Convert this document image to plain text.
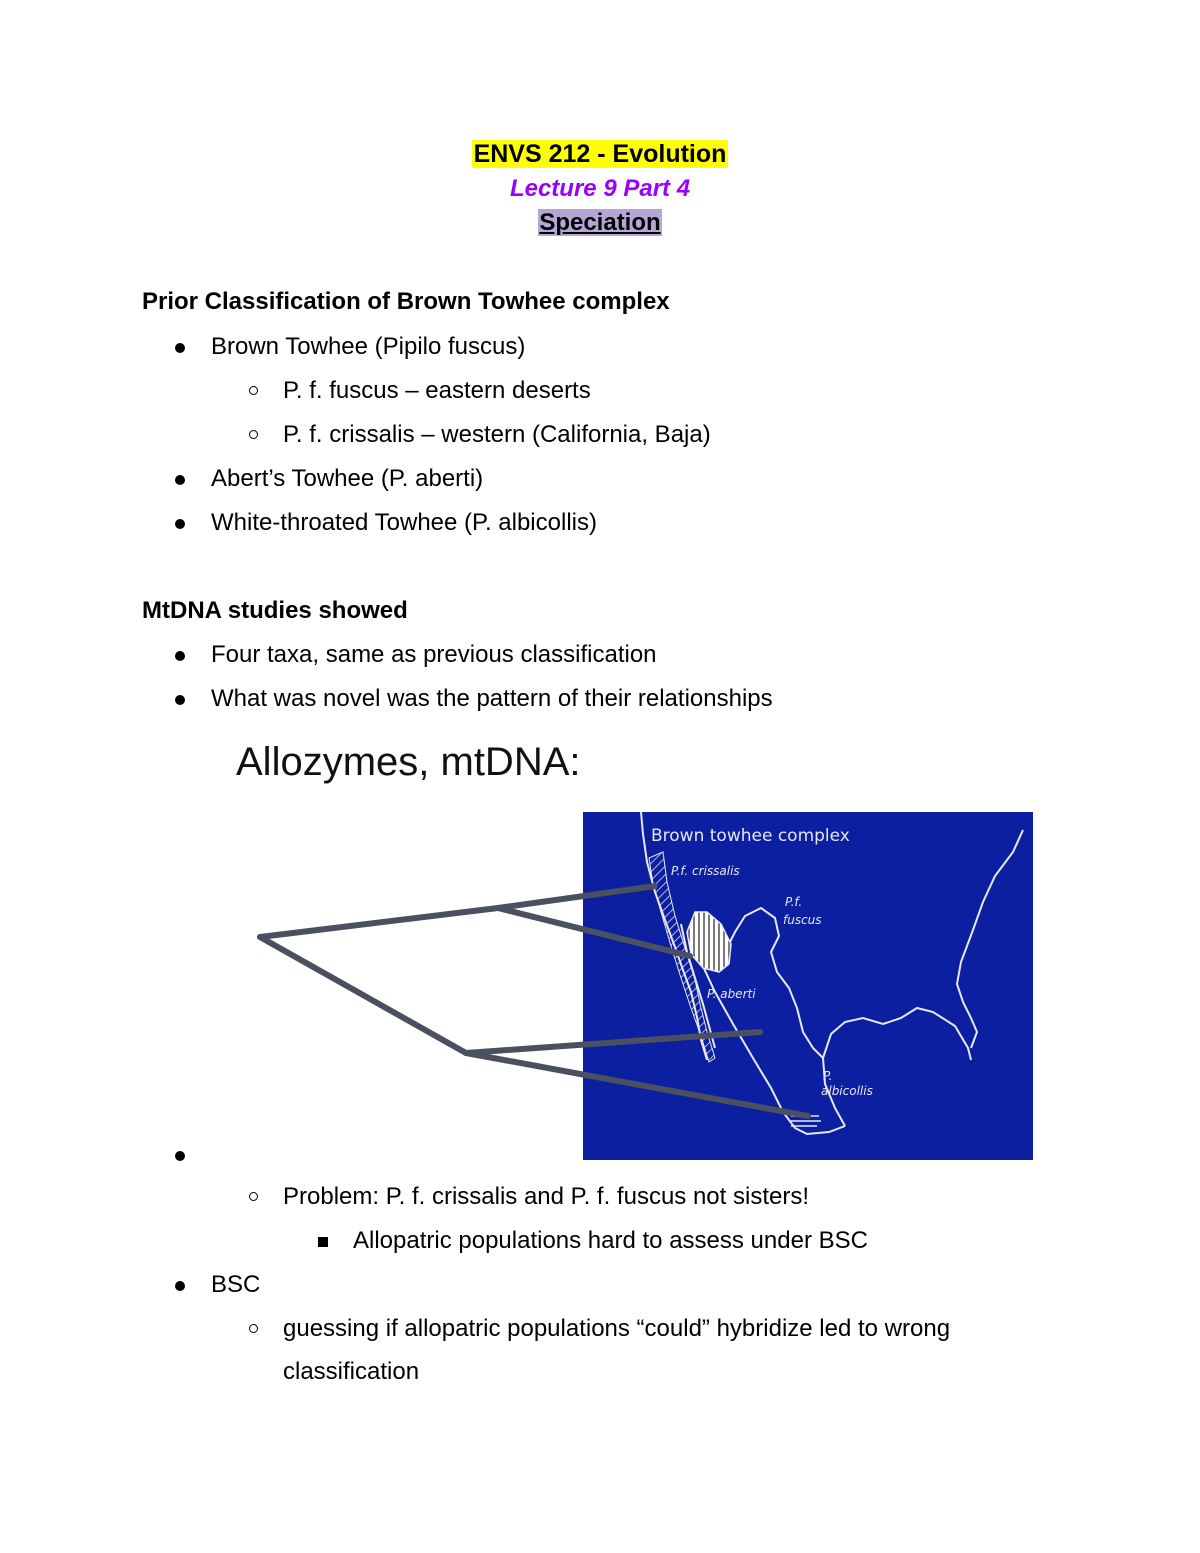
ENVS 212 - Evolution
Lecture 9 Part 4
Speciation
Prior Classification of Brown Towhee complex
Brown Towhee (Pipilo fuscus)
P. f. fuscus – eastern deserts
P. f. crissalis – western (California, Baja)
Abert’s Towhee (P. aberti)
White-throated Towhee (P. albicollis)
MtDNA studies showed
Four taxa, same as previous classification
What was novel was the pattern of their relationships
Allozymes, mtDNA:
Brown towhee complex
P.f. crissalis
P.f.
fuscus
P. aberti
P.
albicollis
Problem: P. f. crissalis and P. f. fuscus not sisters!
Allopatric populations hard to assess under BSC
BSC
guessing if allopatric populations “could” hybridize led to wrong
classification
